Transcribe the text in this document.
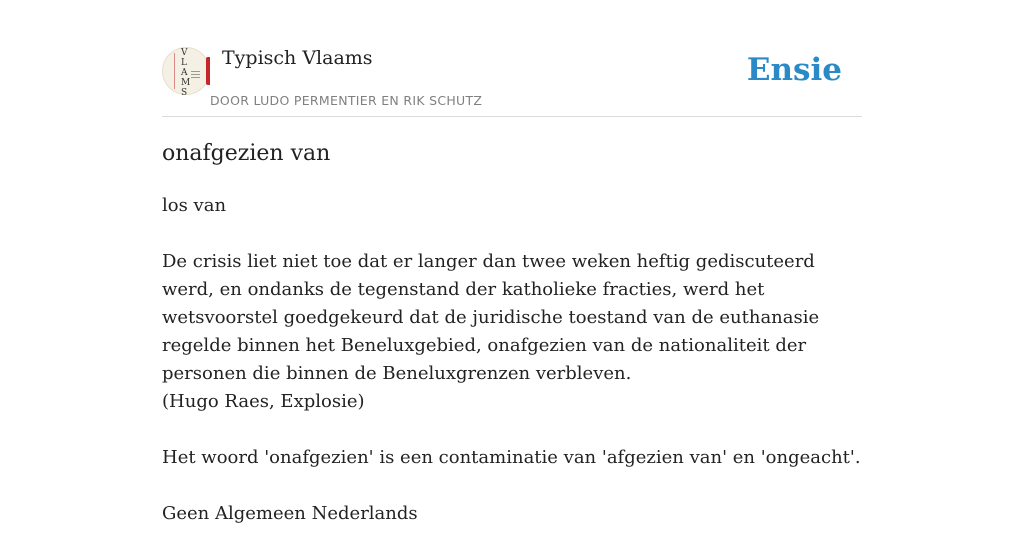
V
L
A
M
S
Typisch Vlaams
DOOR LUDO PERMENTIER EN RIK SCHUTZ
Ensie
onafgezien van

los van

De crisis liet niet toe dat er langer dan twee weken heftig gediscuteerd werd, en ondanks de tegenstand der katholieke fracties, werd het wetsvoorstel goedgekeurd dat de juridische toestand van de euthanasie regelde binnen het Beneluxgebied, onafgezien van de nationaliteit der personen die binnen de Beneluxgrenzen verbleven.

(Hugo Raes, Explosie)

Het woord 'onafgezien' is een contaminatie van 'afgezien van' en 'ongeacht'.

Geen Algemeen Nederlands
